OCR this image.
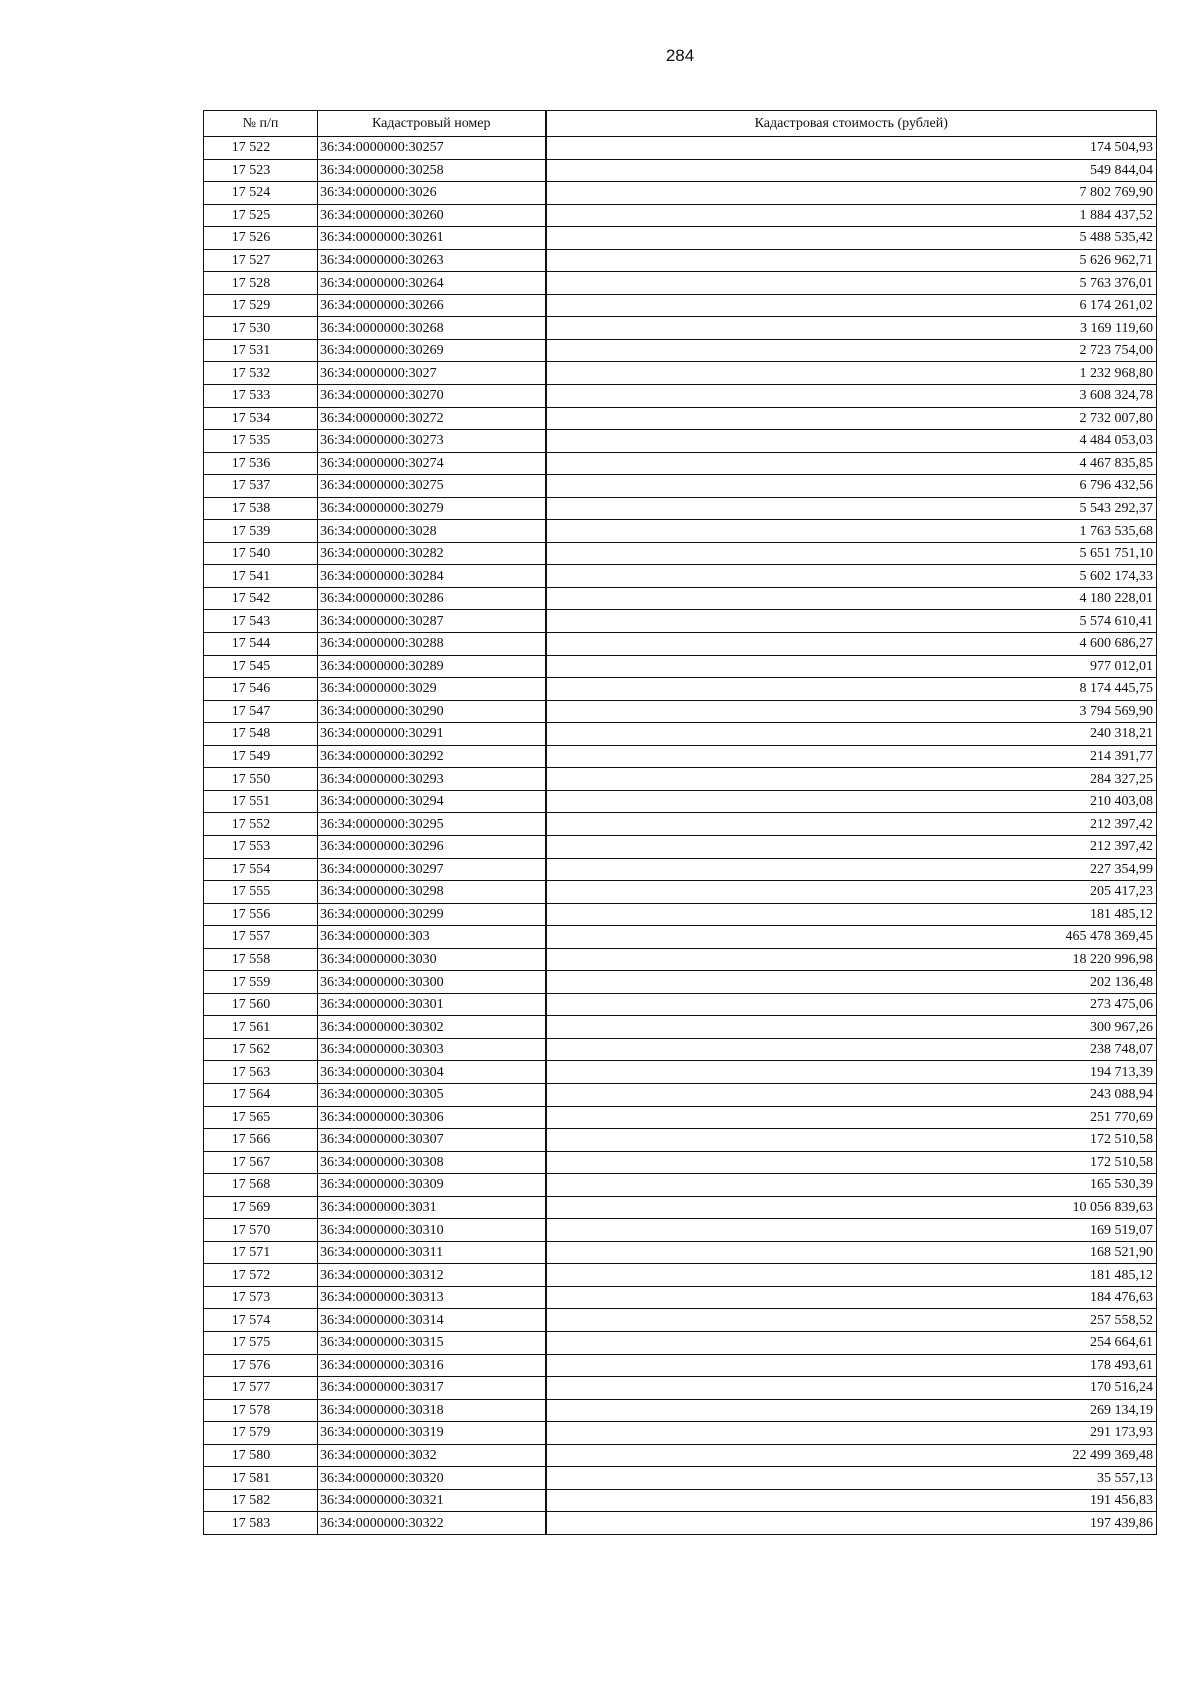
284
№ п/п	Кадастровый номер	Кадастровая стоимость (рублей)
17 522	36:34:0000000:30257	174 504,93
17 523	36:34:0000000:30258	549 844,04
17 524	36:34:0000000:3026	7 802 769,90
17 525	36:34:0000000:30260	1 884 437,52
17 526	36:34:0000000:30261	5 488 535,42
17 527	36:34:0000000:30263	5 626 962,71
17 528	36:34:0000000:30264	5 763 376,01
17 529	36:34:0000000:30266	6 174 261,02
17 530	36:34:0000000:30268	3 169 119,60
17 531	36:34:0000000:30269	2 723 754,00
17 532	36:34:0000000:3027	1 232 968,80
17 533	36:34:0000000:30270	3 608 324,78
17 534	36:34:0000000:30272	2 732 007,80
17 535	36:34:0000000:30273	4 484 053,03
17 536	36:34:0000000:30274	4 467 835,85
17 537	36:34:0000000:30275	6 796 432,56
17 538	36:34:0000000:30279	5 543 292,37
17 539	36:34:0000000:3028	1 763 535,68
17 540	36:34:0000000:30282	5 651 751,10
17 541	36:34:0000000:30284	5 602 174,33
17 542	36:34:0000000:30286	4 180 228,01
17 543	36:34:0000000:30287	5 574 610,41
17 544	36:34:0000000:30288	4 600 686,27
17 545	36:34:0000000:30289	977 012,01
17 546	36:34:0000000:3029	8 174 445,75
17 547	36:34:0000000:30290	3 794 569,90
17 548	36:34:0000000:30291	240 318,21
17 549	36:34:0000000:30292	214 391,77
17 550	36:34:0000000:30293	284 327,25
17 551	36:34:0000000:30294	210 403,08
17 552	36:34:0000000:30295	212 397,42
17 553	36:34:0000000:30296	212 397,42
17 554	36:34:0000000:30297	227 354,99
17 555	36:34:0000000:30298	205 417,23
17 556	36:34:0000000:30299	181 485,12
17 557	36:34:0000000:303	465 478 369,45
17 558	36:34:0000000:3030	18 220 996,98
17 559	36:34:0000000:30300	202 136,48
17 560	36:34:0000000:30301	273 475,06
17 561	36:34:0000000:30302	300 967,26
17 562	36:34:0000000:30303	238 748,07
17 563	36:34:0000000:30304	194 713,39
17 564	36:34:0000000:30305	243 088,94
17 565	36:34:0000000:30306	251 770,69
17 566	36:34:0000000:30307	172 510,58
17 567	36:34:0000000:30308	172 510,58
17 568	36:34:0000000:30309	165 530,39
17 569	36:34:0000000:3031	10 056 839,63
17 570	36:34:0000000:30310	169 519,07
17 571	36:34:0000000:30311	168 521,90
17 572	36:34:0000000:30312	181 485,12
17 573	36:34:0000000:30313	184 476,63
17 574	36:34:0000000:30314	257 558,52
17 575	36:34:0000000:30315	254 664,61
17 576	36:34:0000000:30316	178 493,61
17 577	36:34:0000000:30317	170 516,24
17 578	36:34:0000000:30318	269 134,19
17 579	36:34:0000000:30319	291 173,93
17 580	36:34:0000000:3032	22 499 369,48
17 581	36:34:0000000:30320	35 557,13
17 582	36:34:0000000:30321	191 456,83
17 583	36:34:0000000:30322	197 439,86
